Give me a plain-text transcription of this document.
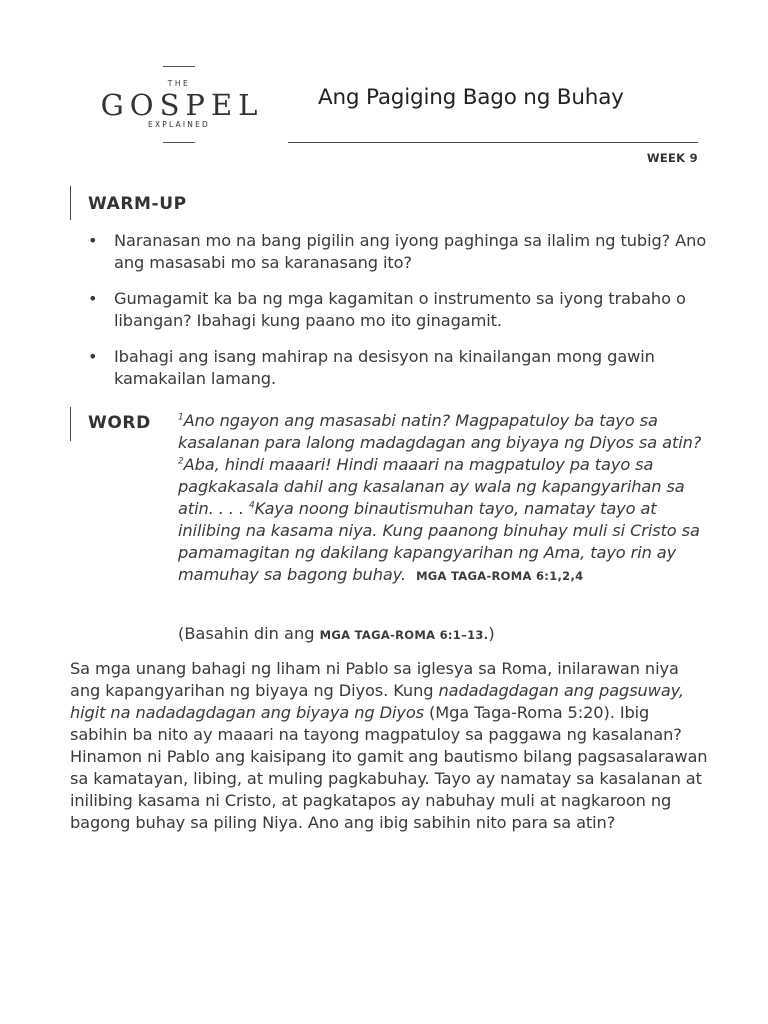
THE
GOSPEL
EXPLAINED
Ang Pagiging Bago ng Buhay
WEEK 9
WARM-UP
• Naranasan mo na bang pigilin ang iyong paghinga sa ilalim ng tubig? Ano ang masasabi mo sa karanasang ito?
• Gumagamit ka ba ng mga kagamitan o instrumento sa iyong trabaho o libangan? Ibahagi kung paano mo ito ginagamit.
• Ibahagi ang isang mahirap na desisyon na kinailangan mong gawin kamakailan lamang.
WORD	$^1$Ano ngayon ang masasabi natin? Magpapatuloy ba tayo sa kasalanan para lalong madagdagan ang biyaya ng Diyos sa atin? $^2$Aba, hindi maaari! Hindi maaari na magpatuloy pa tayo sa pagkakasala dahil ang kasalanan ay wala ng kapangyarihan sa atin. . . . $^4$Kaya noong binautismuhan tayo, namatay tayo at inilibing na kasama niya. Kung paanong binuhay muli si Cristo sa pamamagitan ng dakilang kapangyarihan ng Ama, tayo rin ay mamuhay sa bagong buhay. MGA TAGA-ROMA 6:1,2,4
(Basahin din ang MGA TAGA-ROMA 6:1–13.)
Sa mga unang bahagi ng liham ni Pablo sa iglesya sa Roma, inilarawan niya ang kapangyarihan ng biyaya ng Diyos. Kung nadadagdagan ang pagsuway, higit na nadadagdagan ang biyaya ng Diyos (Mga Taga-Roma 5:20). Ibig sabihin ba nito ay maaari na tayong magpatuloy sa paggawa ng kasalanan? Hinamon ni Pablo ang kaisipang ito gamit ang bautismo bilang pagsasalarawan sa kamatayan, libing, at muling pagkabuhay. Tayo ay namatay sa kasalanan at inilibing kasama ni Cristo, at pagkatapos ay nabuhay muli at nagkaroon ng bagong buhay sa piling Niya. Ano ang ibig sabihin nito para sa atin?
